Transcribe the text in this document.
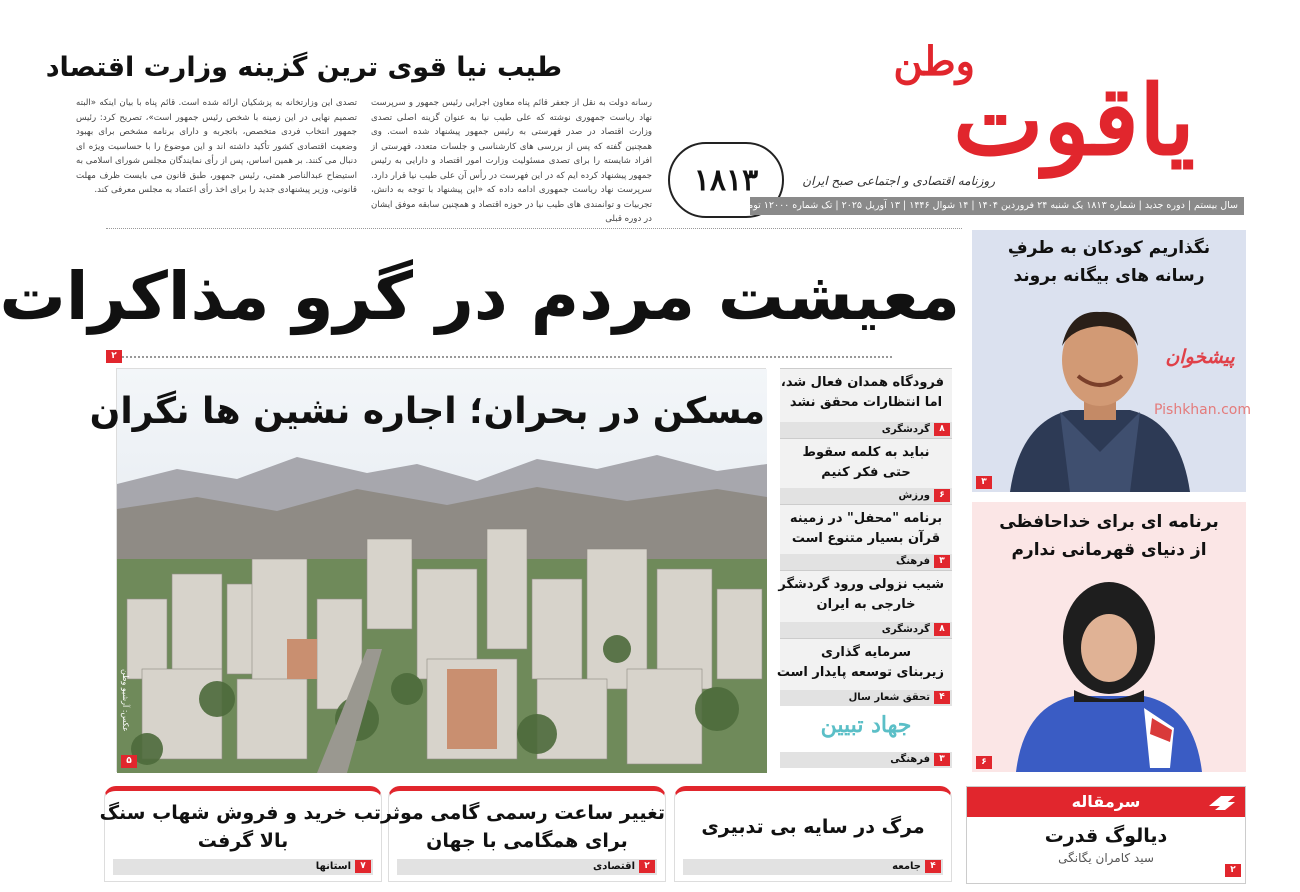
وطن
یاقوت
روزنامه اقتصادی و اجتماعی صبح ایران
۱۸۱۳
سال بیستم | دوره جدید | شماره ۱۸۱۳ یک شنبه ۲۴ فروردین ۱۴۰۴ | ۱۴ شوال ۱۴۴۶ | ۱۳ آوریل ۲۰۲۵ | تک شماره ۱۲۰۰۰ تومان
طیب نیا قوی ترین گزینه وزارت اقتصاد
رسانه دولت به نقل از جعفر قائم پناه معاون اجرایی رئیس جمهور و سرپرست نهاد ریاست جمهوری نوشته که علی طیب نیا به عنوان گزینه اصلی تصدی وزارت اقتصاد در صدر فهرستی به رئیس جمهور پیشنهاد شده است. وی همچنین گفته که پس از بررسی های کارشناسی و جلسات متعدد، فهرستی از افراد شایسته را برای تصدی مسئولیت وزارت امور اقتصاد و دارایی به رئیس جمهور پیشنهاد کرده ایم که در این فهرست در رأس آن علی طیب نیا قرار دارد. سرپرست نهاد ریاست جمهوری ادامه داده که «این پیشنهاد با توجه به دانش، تجربیات و توانمندی های طیب نیا در حوزه اقتصاد و همچنین سابقه موفق ایشان در دوره قبلی
تصدی این وزارتخانه به پزشکیان ارائه شده است. قائم پناه با بیان اینکه «البته تصمیم نهایی در این زمینه با شخص رئیس جمهور است»، تصریح کرد: رئیس جمهور انتخاب فردی متخصص، باتجربه و دارای برنامه مشخص برای بهبود وضعیت اقتصادی کشور تأکید داشته اند و این موضوع را با حساسیت ویژه ای دنبال می کنند. بر همین اساس، پس از رأی نمایندگان مجلس شورای اسلامی به استیضاح عبدالناصر همتی، رئیس جمهور، طبق قانون می بایست ظرف مهلت قانونی، وزیر پیشنهادی جدید را برای اخذ رأی اعتماد به مجلس معرفی کند.
معیشت مردم در گرو مذاکرات
۲
مسکن در بحران؛ اجاره نشین ها نگران
عکس: آرشیو وطن
۵
فرودگاه همدان فعال شد،
اما انتظارات محقق نشد
گردشگری	۸
نباید به کلمه سقوط
حتی فکر کنیم
ورزش	۶
برنامه "محفل" در زمینه
قرآن بسیار متنوع است
فرهنگ	۳
شیب نزولی ورود گردشگر
خارجی به ایران
گردشگری	۸
سرمایه گذاری
زیربنای توسعه پایدار است
تحقق شعار سال	۴
جهاد تبیین
فرهنگی	۳
نگذاریم کودکان به طرفِ
رسانه های بیگانه بروند
۳
پیشخوان
Pishkhan.com
برنامه ای برای خداحافظی
از دنیای قهرمانی ندارم
۶
تب خرید و فروش شهاب سنگ
بالا گرفت
استانها	۷
تغییر ساعت رسمی گامی موثر
برای همگامی با جهان
اقتصادی	۲
مرگ در سایه بی تدبیری
جامعه	۴
سرمقاله
دیالوگ قدرت
سید کامران یگانگی
۲
